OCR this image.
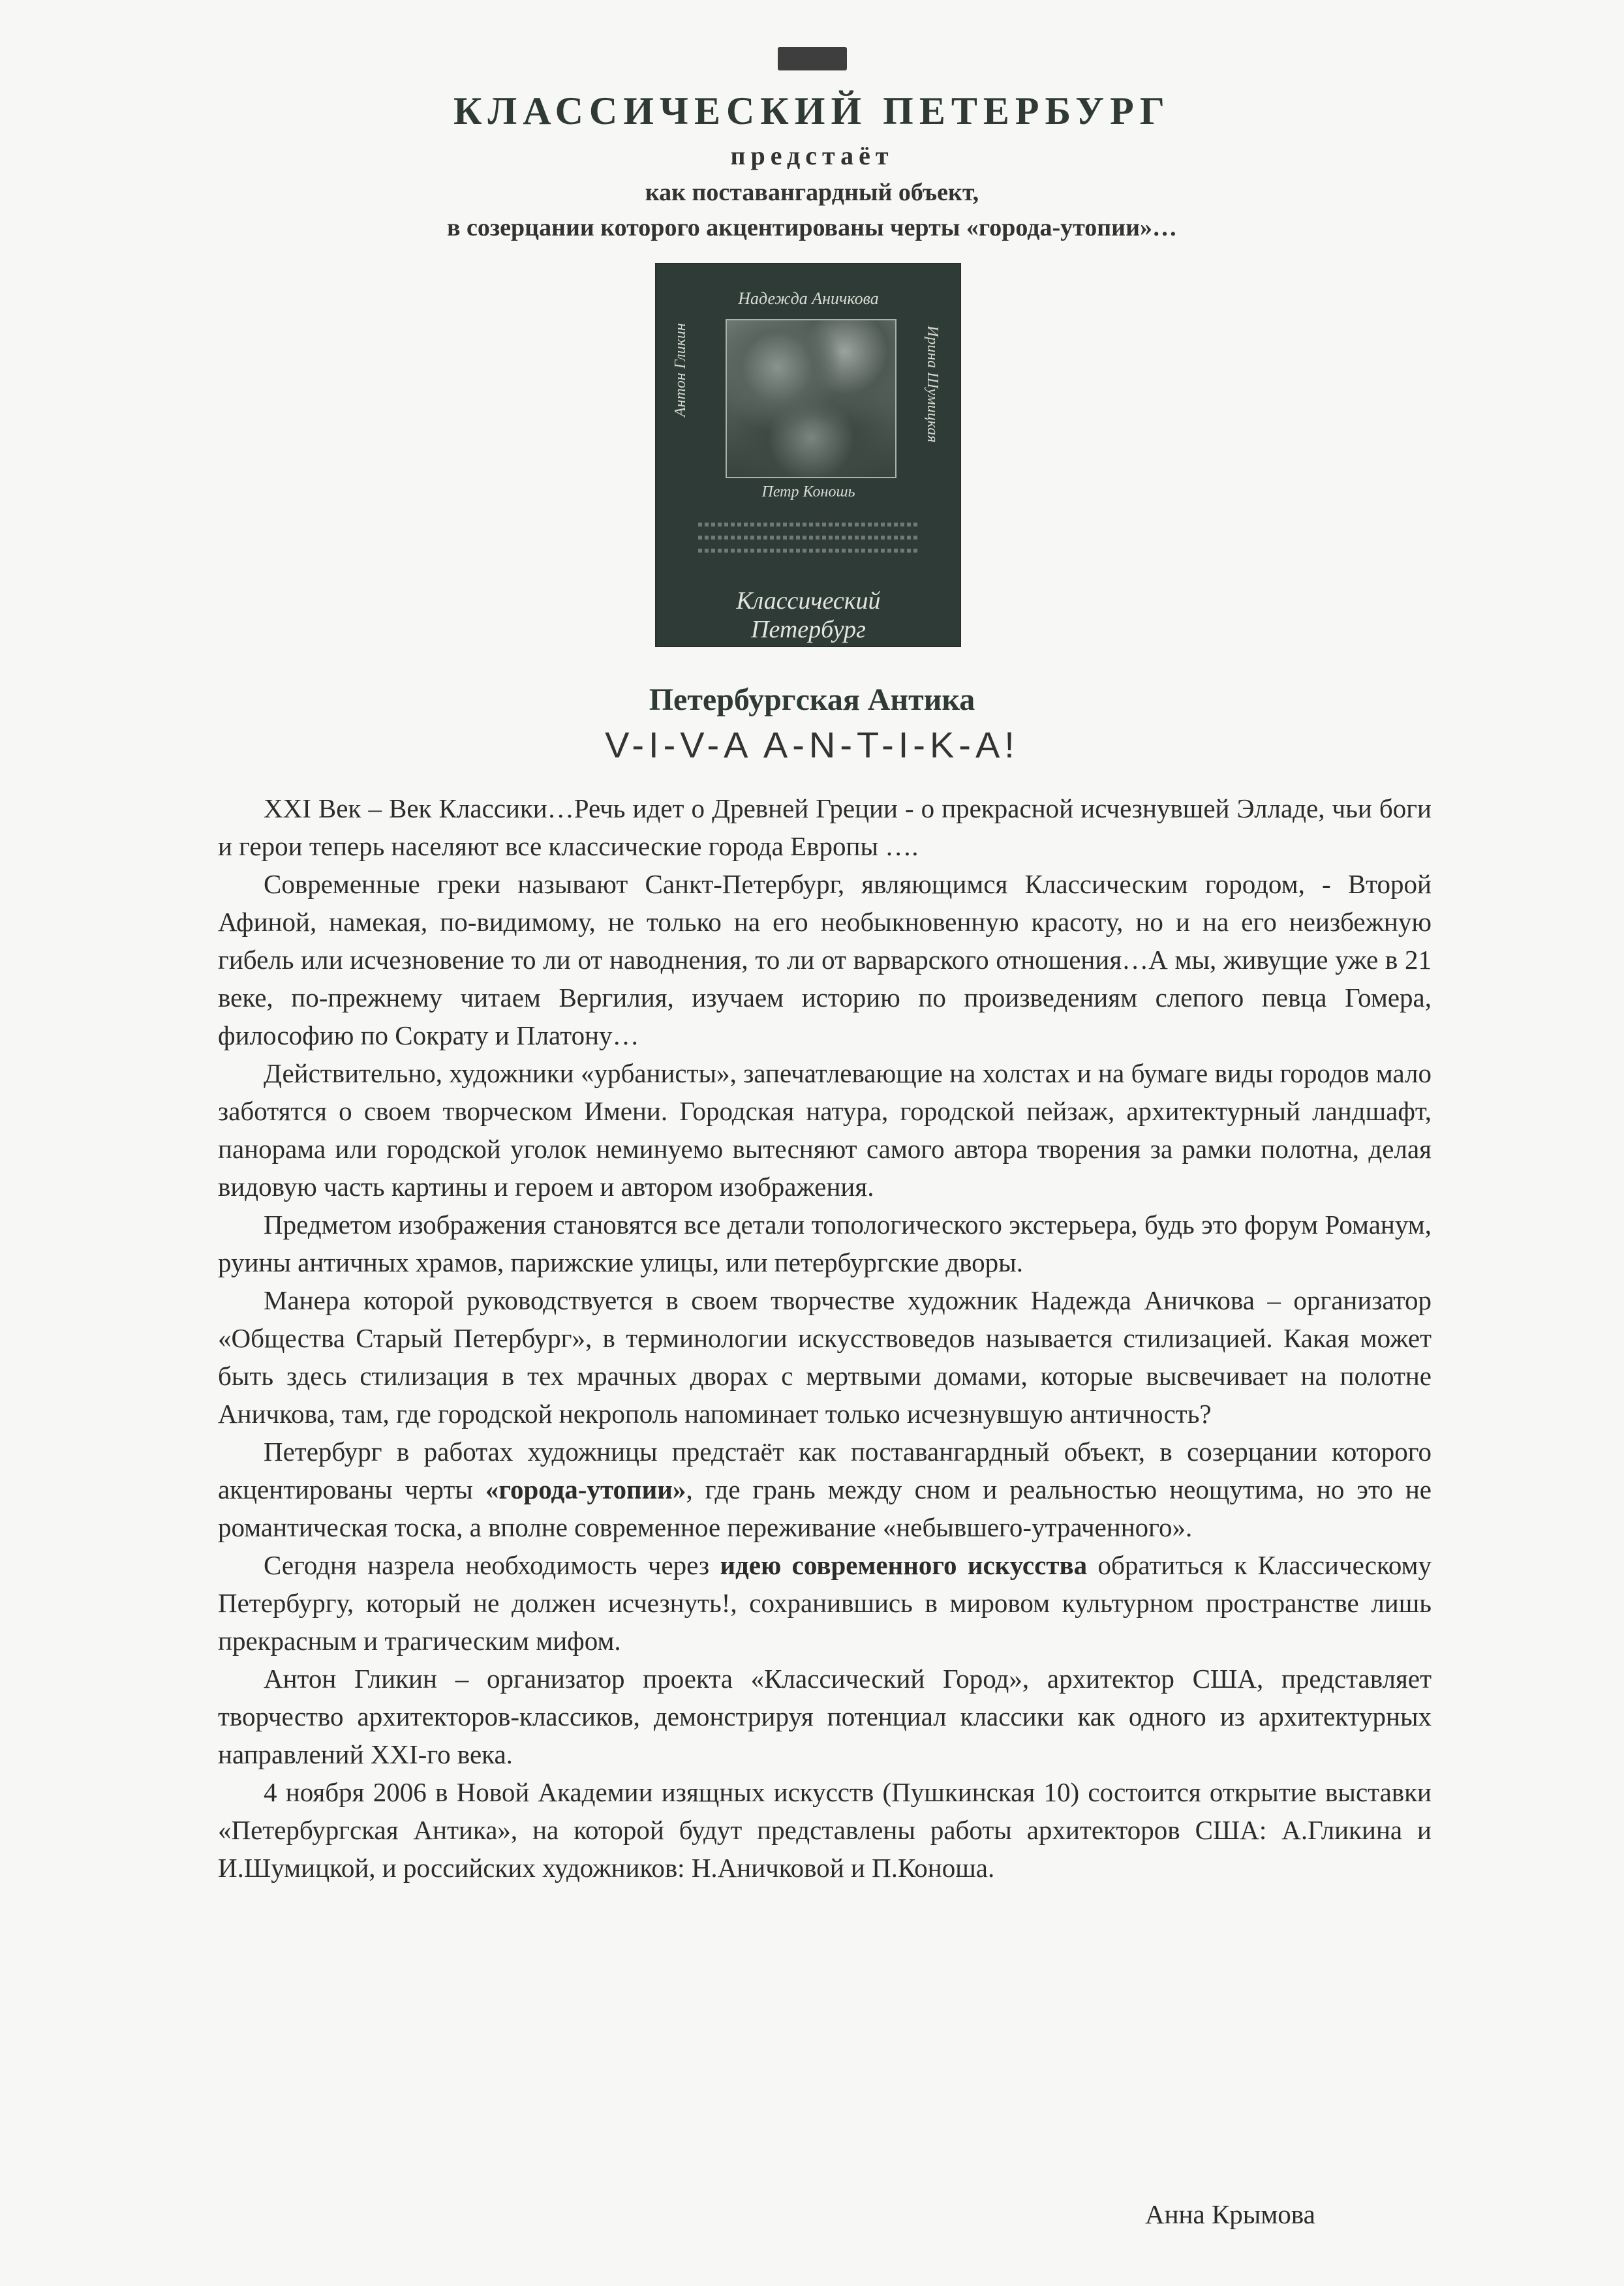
КЛАССИЧЕСКИЙ ПЕТЕРБУРГ

предстаёт

как поставангардный объект,

в созерцании которого акцентированы черты «города-утопии»…

Надежда Аничкова
Антон Гликин	Ирина Шумицкая
Петр Коношь
Классический Петербург

Петербургская Антика

V-I-V-A A-N-T-I-K-A!

XXI Век – Век Классики…Речь идет о Древней Греции - о прекрасной исчезнувшей Элладе, чьи боги и герои теперь населяют все классические города Европы ….

Современные греки называют Санкт-Петербург, являющимся Классическим городом, - Второй Афиной, намекая, по-видимому, не только на его необыкновенную красоту, но и на его неизбежную гибель или исчезновение то ли от наводнения, то ли от варварского отношения…А мы, живущие уже в 21 веке, по-прежнему читаем Вергилия, изучаем историю по произведениям слепого певца Гомера, философию по Сократу и Платону…

Действительно, художники «урбанисты», запечатлевающие на холстах и на бумаге виды городов мало заботятся о своем творческом Имени. Городская натура, городской пейзаж, архитектурный ландшафт, панорама или городской уголок неминуемо вытесняют самого автора творения за рамки полотна, делая видовую часть картины и героем и автором изображения.

Предметом изображения становятся все детали топологического экстерьера, будь это форум Романум, руины античных храмов, парижские улицы, или петербургские дворы.

Манера которой руководствуется в своем творчестве художник Надежда Аничкова – организатор «Общества Старый Петербург», в терминологии искусствоведов называется стилизацией. Какая может быть здесь стилизация в тех мрачных дворах с мертвыми домами, которые высвечивает на полотне Аничкова, там, где городской некрополь напоминает только исчезнувшую античность?

Петербург в работах художницы предстаёт как поставангардный объект, в созерцании которого акцентированы черты «города-утопии», где грань между сном и реальностью неощутима, но это не романтическая тоска, а вполне современное переживание «небывшего-утраченного».

Сегодня назрела необходимость через идею современного искусства обратиться к Классическому Петербургу, который не должен исчезнуть!, сохранившись в мировом культурном пространстве лишь прекрасным и трагическим мифом.

Антон Гликин – организатор проекта «Классический Город», архитектор США, представляет творчество архитекторов-классиков, демонстрируя потенциал классики как одного из архитектурных направлений XXI-го века.

4 ноября 2006 в Новой Академии изящных искусств (Пушкинская 10) состоится открытие выставки «Петербургская Антика», на которой будут представлены работы архитекторов США: А.Гликина и И.Шумицкой, и российских художников: Н.Аничковой и П.Коноша.

Анна Крымова
